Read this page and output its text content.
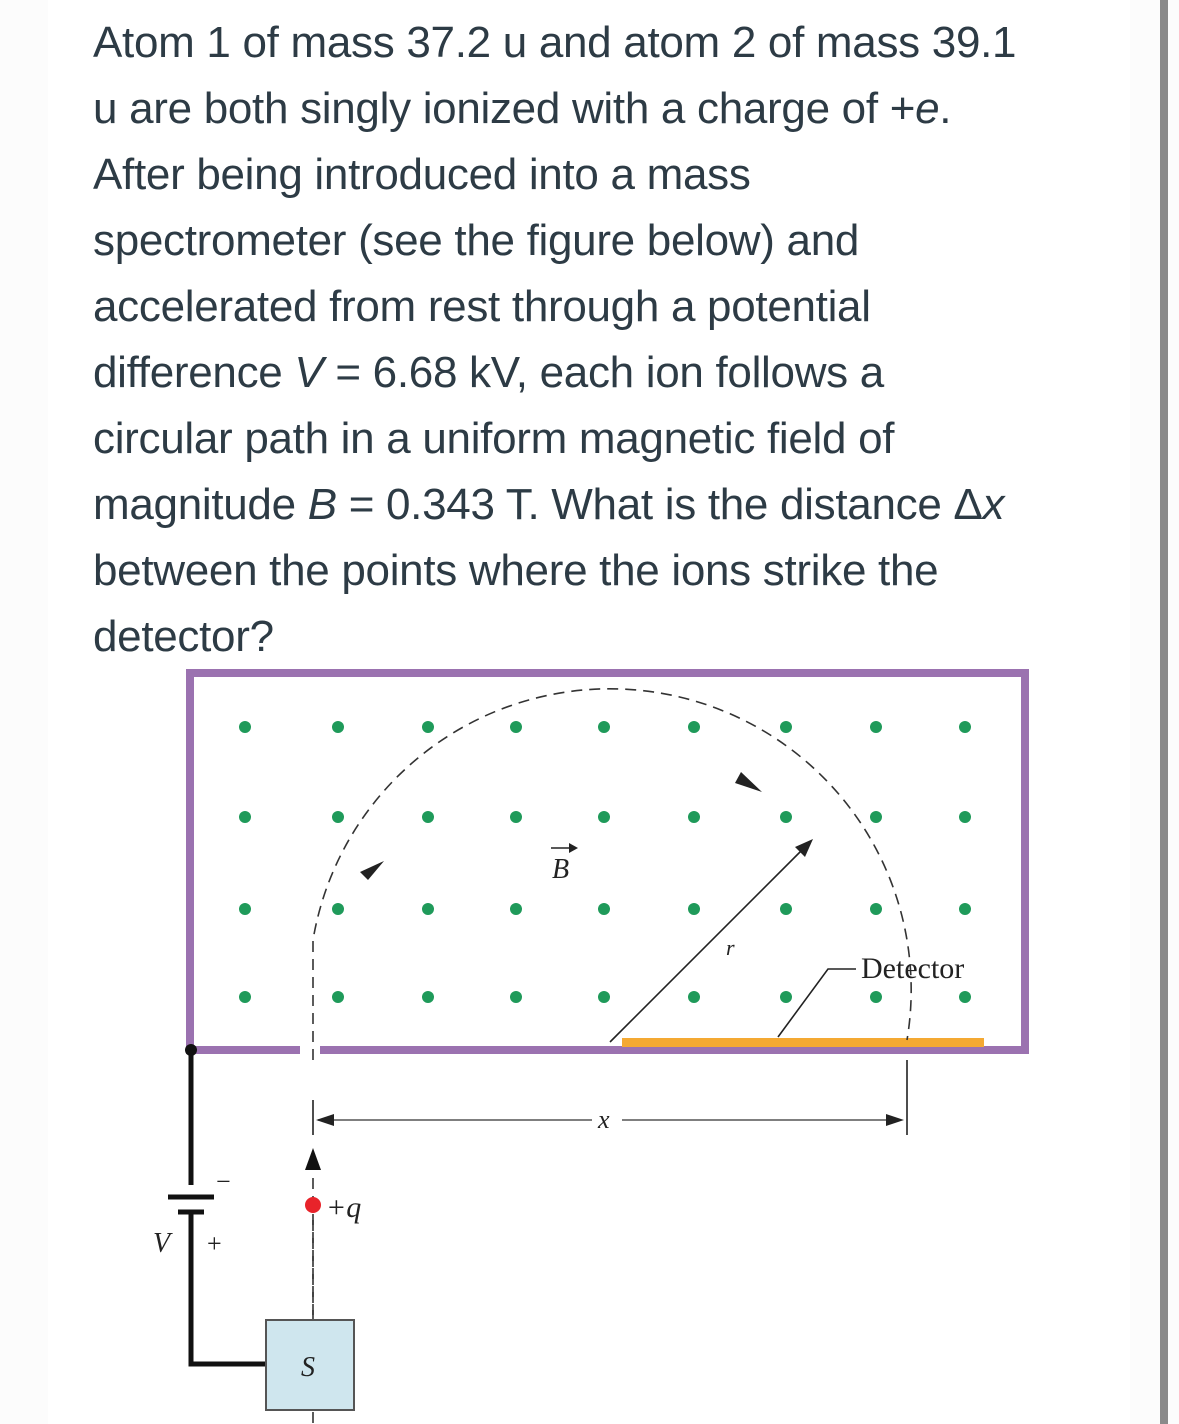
Atom 1 of mass 37.2 u and atom 2 of mass 39.1
u are both singly ionized with a charge of +e.
After being introduced into a mass
spectrometer (see the figure below) and
accelerated from rest through a potential
difference V = 6.68 kV, each ion follows a
circular path in a uniform magnetic field of
magnitude B = 0.343 T. What is the distance Δx
between the points where the ions strike the
detector?
r
B
Detector
x
−
+
V
+q
S
